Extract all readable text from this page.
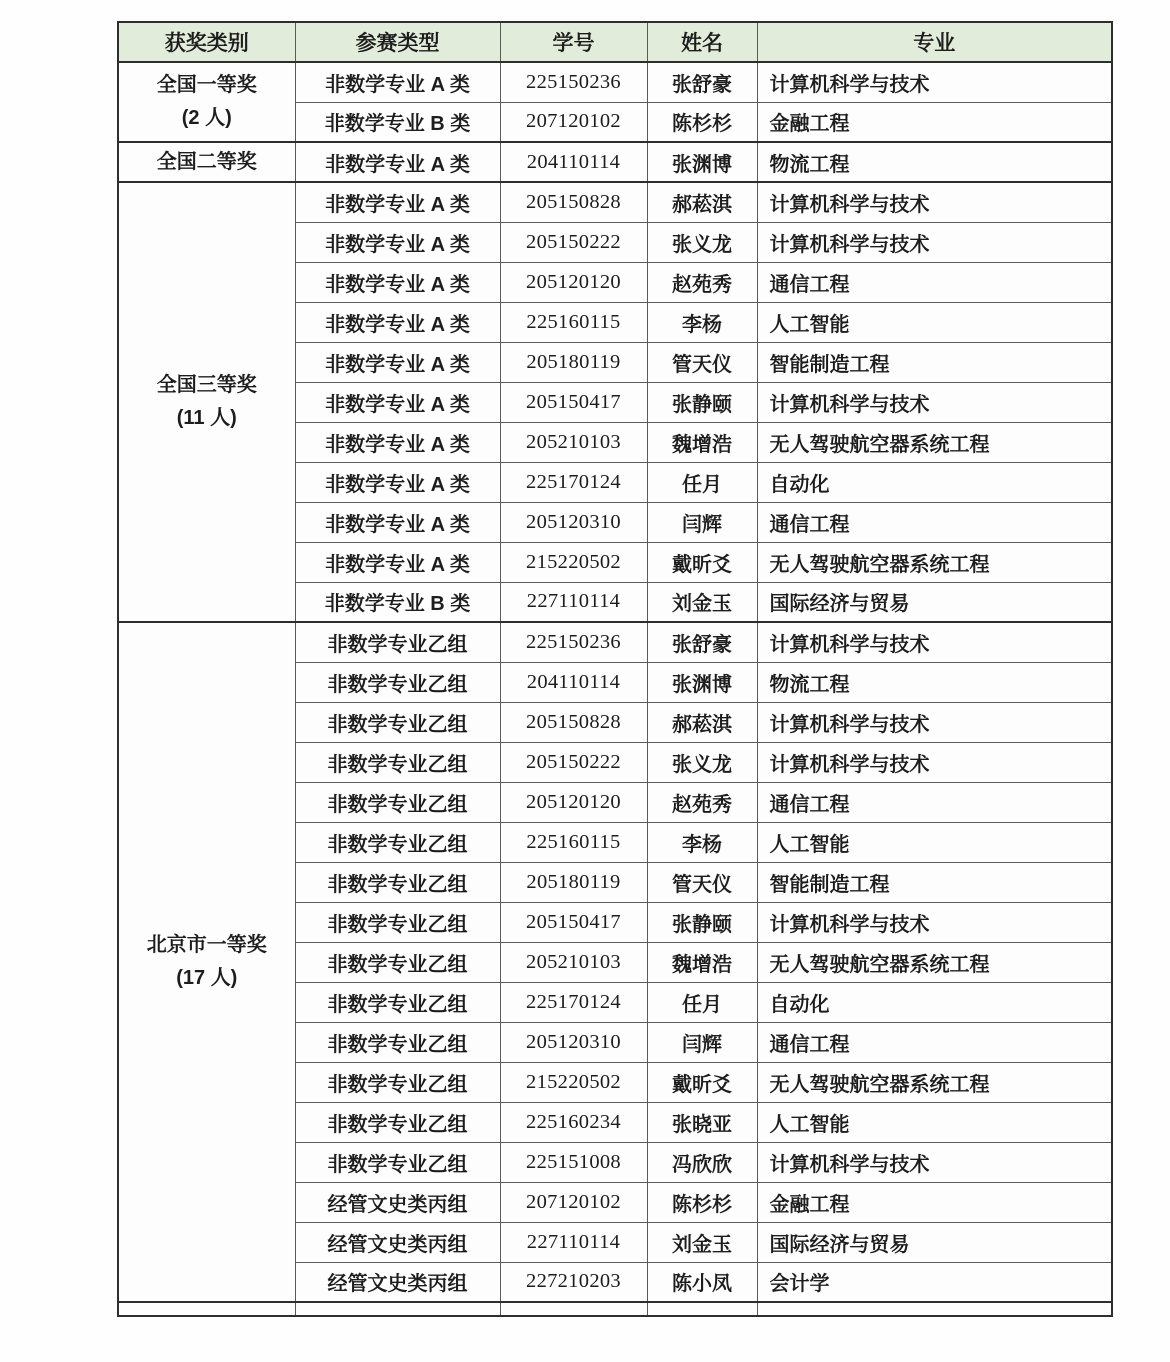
获奖类别	参赛类型	学号	姓名	专业

全国一等奖
(2 人)	非数学专业 A 类	225150236	张舒豪	计算机科学与技术
	非数学专业 B 类	207120102	陈杉杉	金融工程

全国二等奖	非数学专业 A 类	204110114	张渊博	物流工程

全国三等奖
(11 人)	非数学专业 A 类	205150828	郝菘淇	计算机科学与技术
	非数学专业 A 类	205150222	张义龙	计算机科学与技术
	非数学专业 A 类	205120120	赵苑秀	通信工程
	非数学专业 A 类	225160115	李杨	人工智能
	非数学专业 A 类	205180119	管天仪	智能制造工程
	非数学专业 A 类	205150417	张静颐	计算机科学与技术
	非数学专业 A 类	205210103	魏增浩	无人驾驶航空器系统工程
	非数学专业 A 类	225170124	任月	自动化
	非数学专业 A 类	205120310	闫辉	通信工程
	非数学专业 A 类	215220502	戴昕爻	无人驾驶航空器系统工程
	非数学专业 B 类	227110114	刘金玉	国际经济与贸易

北京市一等奖
(17 人)	非数学专业乙组	225150236	张舒豪	计算机科学与技术
	非数学专业乙组	204110114	张渊博	物流工程
	非数学专业乙组	205150828	郝菘淇	计算机科学与技术
	非数学专业乙组	205150222	张义龙	计算机科学与技术
	非数学专业乙组	205120120	赵苑秀	通信工程
	非数学专业乙组	225160115	李杨	人工智能
	非数学专业乙组	205180119	管天仪	智能制造工程
	非数学专业乙组	205150417	张静颐	计算机科学与技术
	非数学专业乙组	205210103	魏增浩	无人驾驶航空器系统工程
	非数学专业乙组	225170124	任月	自动化
	非数学专业乙组	205120310	闫辉	通信工程
	非数学专业乙组	215220502	戴昕爻	无人驾驶航空器系统工程
	非数学专业乙组	225160234	张晓亚	人工智能
	非数学专业乙组	225151008	冯欣欣	计算机科学与技术
	经管文史类丙组	207120102	陈杉杉	金融工程
	经管文史类丙组	227110114	刘金玉	国际经济与贸易
	经管文史类丙组	227210203	陈小凤	会计学
